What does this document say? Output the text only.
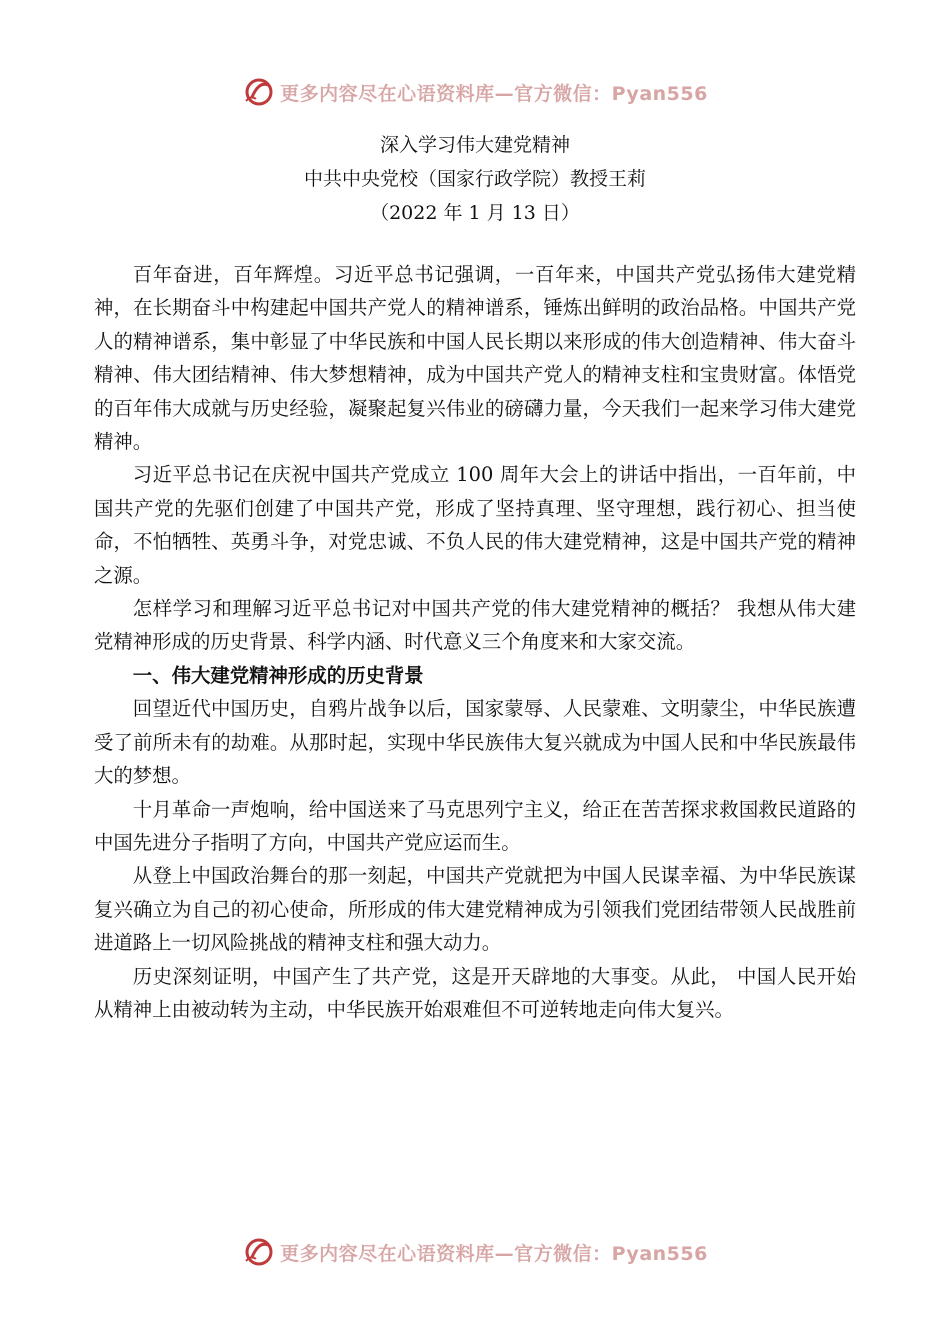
更多内容尽在心语资料库—官方微信：Pyan556
深入学习伟大建党精神
中共中央党校（国家行政学院）教授王莉
（2022 年 1 月 13 日）

百年奋进，百年辉煌。习近平总书记强调，一百年来，中国共产党弘扬伟大建党精神，在长期奋斗中构建起中国共产党人的精神谱系，锤炼出鲜明的政治品格。中国共产党人的精神谱系，集中彰显了中华民族和中国人民长期以来形成的伟大创造精神、伟大奋斗精神、伟大团结精神、伟大梦想精神，成为中国共产党人的精神支柱和宝贵财富。体悟党的百年伟大成就与历史经验，凝聚起复兴伟业的磅礴力量，今天我们一起来学习伟大建党精神。

习近平总书记在庆祝中国共产党成立 100 周年大会上的讲话中指出，一百年前，中国共产党的先驱们创建了中国共产党，形成了坚持真理、坚守理想，践行初心、担当使命，不怕牺牲、英勇斗争，对党忠诚、不负人民的伟大建党精神，这是中国共产党的精神之源。

怎样学习和理解习近平总书记对中国共产党的伟大建党精神的概括？ 我想从伟大建党精神形成的历史背景、科学内涵、时代意义三个角度来和大家交流。

一、伟大建党精神形成的历史背景

回望近代中国历史，自鸦片战争以后，国家蒙辱、人民蒙难、文明蒙尘，中华民族遭受了前所未有的劫难。从那时起，实现中华民族伟大复兴就成为中国人民和中华民族最伟大的梦想。

十月革命一声炮响，给中国送来了马克思列宁主义，给正在苦苦探求救国救民道路的中国先进分子指明了方向，中国共产党应运而生。

从登上中国政治舞台的那一刻起，中国共产党就把为中国人民谋幸福、为中华民族谋复兴确立为自己的初心使命，所形成的伟大建党精神成为引领我们党团结带领人民战胜前进道路上一切风险挑战的精神支柱和强大动力。

历史深刻证明，中国产生了共产党，这是开天辟地的大事变。从此， 中国人民开始从精神上由被动转为主动，中华民族开始艰难但不可逆转地走向伟大复兴。

更多内容尽在心语资料库—官方微信：Pyan556
